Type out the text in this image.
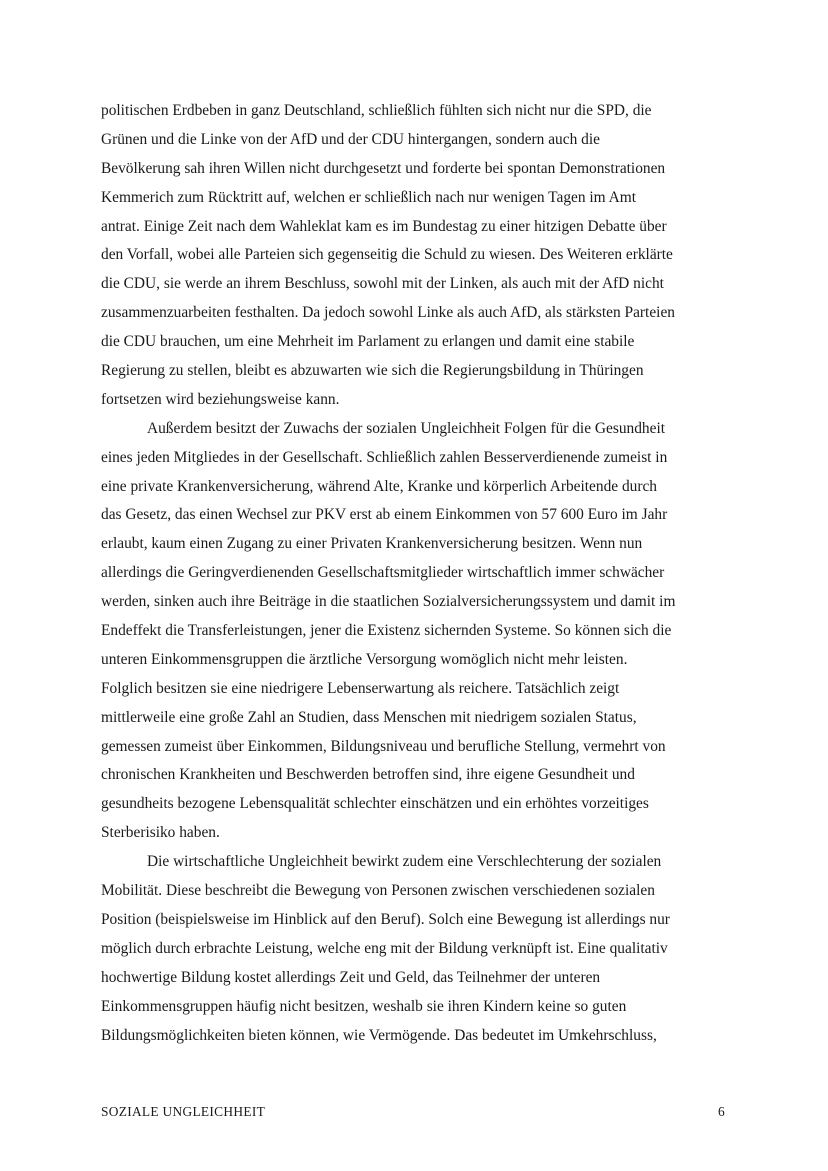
politischen Erdbeben in ganz Deutschland, schließlich fühlten sich nicht nur die SPD, die
Grünen und die Linke von der AfD und der CDU hintergangen, sondern auch die
Bevölkerung sah ihren Willen nicht durchgesetzt und forderte bei spontan Demonstrationen
Kemmerich zum Rücktritt auf, welchen er schließlich nach nur wenigen Tagen im Amt
antrat. Einige Zeit nach dem Wahleklat kam es im Bundestag zu einer hitzigen Debatte über
den Vorfall, wobei alle Parteien sich gegenseitig die Schuld zu wiesen. Des Weiteren erklärte
die CDU, sie werde an ihrem Beschluss, sowohl mit der Linken, als auch mit der AfD nicht
zusammenzuarbeiten festhalten. Da jedoch sowohl Linke als auch AfD, als stärksten Parteien
die CDU brauchen, um eine Mehrheit im Parlament zu erlangen und damit eine stabile
Regierung zu stellen, bleibt es abzuwarten wie sich die Regierungsbildung in Thüringen
fortsetzen wird beziehungsweise kann.
Außerdem besitzt der Zuwachs der sozialen Ungleichheit Folgen für die Gesundheit
eines jeden Mitgliedes in der Gesellschaft. Schließlich zahlen Besserverdienende zumeist in
eine private Krankenversicherung, während Alte, Kranke und körperlich Arbeitende durch
das Gesetz, das einen Wechsel zur PKV erst ab einem Einkommen von 57 600 Euro im Jahr
erlaubt, kaum einen Zugang zu einer Privaten Krankenversicherung besitzen. Wenn nun
allerdings die Geringverdienenden Gesellschaftsmitglieder wirtschaftlich immer schwächer
werden, sinken auch ihre Beiträge in die staatlichen Sozialversicherungssystem und damit im
Endeffekt die Transferleistungen, jener die Existenz sichernden Systeme. So können sich die
unteren Einkommensgruppen die ärztliche Versorgung womöglich nicht mehr leisten.
Folglich besitzen sie eine niedrigere Lebenserwartung als reichere. Tatsächlich zeigt
mittlerweile eine große Zahl an Studien, dass Menschen mit niedrigem sozialen Status,
gemessen zumeist über Einkommen, Bildungsniveau und berufliche Stellung, vermehrt von
chronischen Krankheiten und Beschwerden betroffen sind, ihre eigene Gesundheit und
gesundheits bezogene Lebensqualität schlechter einschätzen und ein erhöhtes vorzeitiges
Sterberisiko haben.
Die wirtschaftliche Ungleichheit bewirkt zudem eine Verschlechterung der sozialen
Mobilität. Diese beschreibt die Bewegung von Personen zwischen verschiedenen sozialen
Position (beispielsweise im Hinblick auf den Beruf). Solch eine Bewegung ist allerdings nur
möglich durch erbrachte Leistung, welche eng mit der Bildung verknüpft ist. Eine qualitativ
hochwertige Bildung kostet allerdings Zeit und Geld, das Teilnehmer der unteren
Einkommensgruppen häufig nicht besitzen, weshalb sie ihren Kindern keine so guten
Bildungsmöglichkeiten bieten können, wie Vermögende. Das bedeutet im Umkehrschluss,
SOZIALE UNGLEICHHEIT	6
